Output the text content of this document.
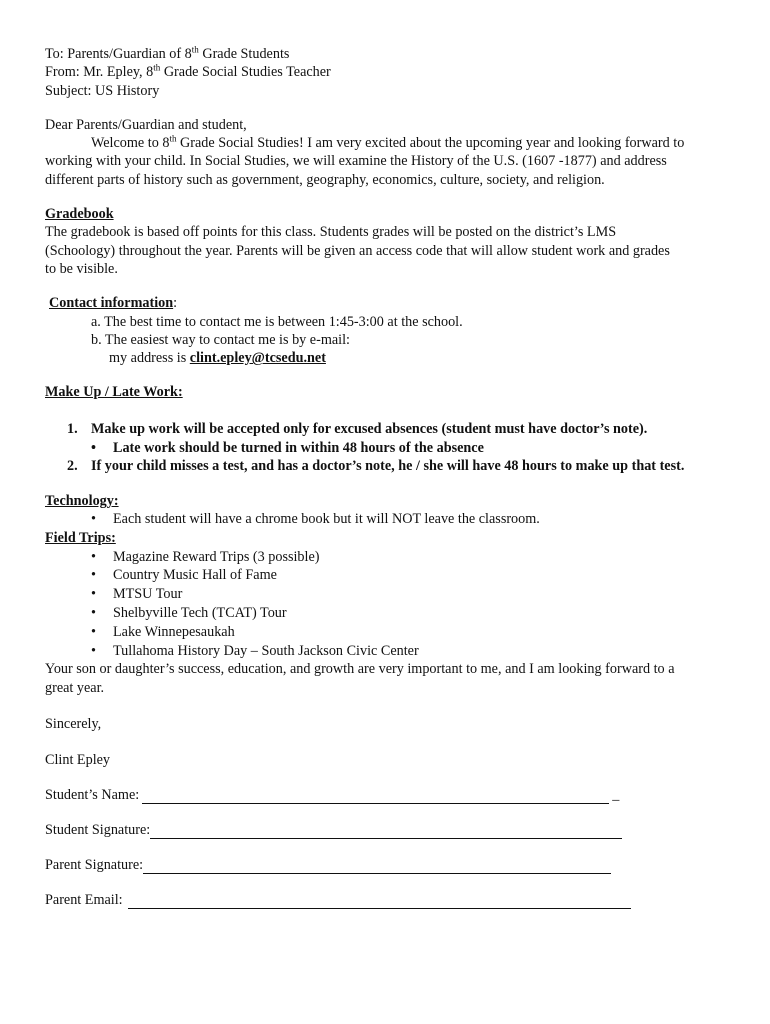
To: Parents/Guardian of 8th Grade Students
From: Mr. Epley, 8th Grade Social Studies Teacher
Subject: US History
Dear Parents/Guardian and student,
Welcome to 8th Grade Social Studies! I am very excited about the upcoming year and looking forward to
working with your child. In Social Studies, we will examine the History of the U.S. (1607 -1877) and address
different parts of history such as government, geography, economics, culture, society, and religion.
Gradebook
The gradebook is based off points for this class. Students grades will be posted on the district’s LMS
(Schoology) throughout the year. Parents will be given an access code that will allow student work and grades
to be visible.
Contact information:
a. The best time to contact me is between 1:45-3:00 at the school.
b. The easiest way to contact me is by e-mail:
my address is clint.epley@tcsedu.net
Make Up / Late Work:
1. Make up work will be accepted only for excused absences (student must have doctor’s note).
•	Late work should be turned in within 48 hours of the absence
2. If your child misses a test, and has a doctor’s note, he / she will have 48 hours to make up that test.
Technology:
•	Each student will have a chrome book but it will NOT leave the classroom.
Field Trips:
•	Magazine Reward Trips (3 possible)
•	Country Music Hall of Fame
•	MTSU Tour
•	Shelbyville Tech (TCAT) Tour
•	Lake Winnepesaukah
•	Tullahoma History Day – South Jackson Civic Center
Your son or daughter’s success, education, and growth are very important to me, and I am looking forward to a
great year.
Sincerely,
Clint Epley
Student’s Name:	_
Student Signature:
Parent Signature:
Parent Email:
